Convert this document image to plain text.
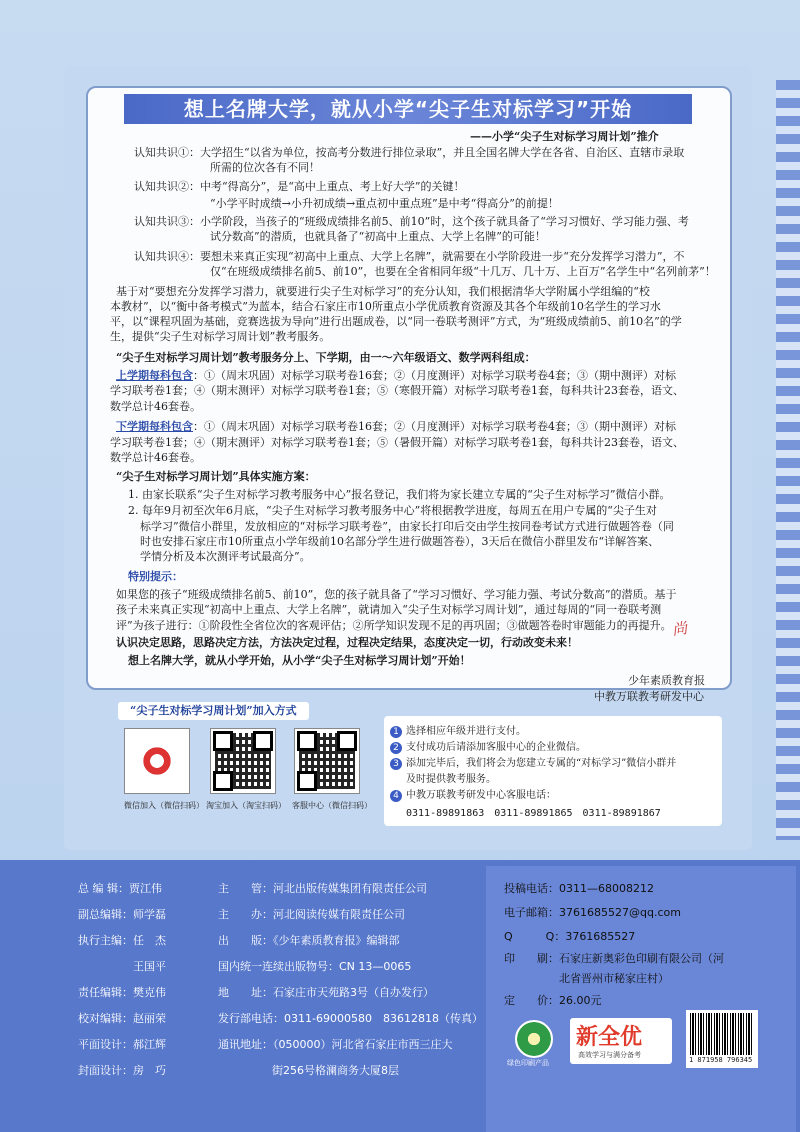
想上名牌大学，就从小学“尖子生对标学习”开始
——小学“尖子生对标学习周计划”推介
认知共识①：大学招生“以省为单位，按高考分数进行排位录取”，并且全国名牌大学在各省、自治区、直辖市录取
所需的位次各有不同！
认知共识②：中考“得高分”，是“高中上重点、考上好大学”的关键！
“小学平时成绩→小升初成绩→重点初中重点班”是中考“得高分”的前提！
认知共识③：小学阶段，当孩子的“班级成绩排名前5、前10”时，这个孩子就具备了“学习习惯好、学习能力强、考
试分数高”的潜质，也就具备了“初高中上重点、大学上名牌”的可能！
认知共识④：要想未来真正实现“初高中上重点、大学上名牌”，就需要在小学阶段进一步“充分发挥学习潜力”，不
仅“在班级成绩排名前5、前10”，也要在全省相同年级“十几万、几十万、上百万”名学生中“名列前茅”！
基于对“要想充分发挥学习潜力，就要进行尖子生对标学习”的充分认知，我们根据清华大学附属小学组编的“校
本教材”，以“衡中备考模式”为蓝本，结合石家庄市10所重点小学优质教育资源及其各个年级前10名学生的学习水
平，以“课程巩固为基础，竞赛选拔为导向”进行出题成卷，以“同一卷联考测评”方式，为“班级成绩前5、前10名”的学
生，提供“尖子生对标学习周计划”教考服务。
“尖子生对标学习周计划”教考服务分上、下学期，由一～六年级语文、数学两科组成：
上学期每科包含：①（周末巩固）对标学习联考卷16套；②（月度测评）对标学习联考卷4套；③（期中测评）对标
学习联考卷1套；④（期末测评）对标学习联考卷1套；⑤（寒假开篇）对标学习联考卷1套，每科共计23套卷，语文、
数学总计46套卷。
下学期每科包含：①（周末巩固）对标学习联考卷16套；②（月度测评）对标学习联考卷4套；③（期中测评）对标
学习联考卷1套；④（期末测评）对标学习联考卷1套；⑤（暑假开篇）对标学习联考卷1套，每科共计23套卷，语文、
数学总计46套卷。
“尖子生对标学习周计划”具体实施方案：
1. 由家长联系“尖子生对标学习教考服务中心”报名登记，我们将为家长建立专属的“尖子生对标学习”微信小群。
2. 每年9月初至次年6月底，“尖子生对标学习教考服务中心”将根据教学进度，每周五在用户专属的“尖子生对
标学习”微信小群里，发放相应的“对标学习联考卷”，由家长打印后交由学生按同卷考试方式进行做题答卷（同
时也安排石家庄市10所重点小学年级前10名部分学生进行做题答卷），3天后在微信小群里发布“详解答案、
学情分析及本次测评考试最高分”。
特别提示：
如果您的孩子“班级成绩排名前5、前10”，您的孩子就具备了“学习习惯好、学习能力强、考试分数高”的潜质。基于
孩子未来真正实现“初高中上重点、大学上名牌”，就请加入“尖子生对标学习周计划”，通过每周的“同一卷联考测
评”为孩子进行：①阶段性全省位次的客观评估；②所学知识发现不足的再巩固；③做题答卷时审题能力的再提升。
认识决定思路，思路决定方法，方法决定过程，过程决定结果，态度决定一切，行动改变未来！
想上名牌大学，就从小学开始，从小学“尖子生对标学习周计划”开始！
尚
少年素质教育报
中教万联教考研发中心
“尖子生对标学习周计划”加入方式
微信加入（微信扫码） 淘宝加入（淘宝扫码） 客服中心（微信扫码）
1 选择相应年级并进行支付。
2 支付成功后请添加客服中心的企业微信。
3 添加完毕后，我们将会为您建立专属的“对标学习”微信小群并
及时提供教考服务。
4 中教万联教考研发中心客服电话：
0311-89891863　0311-89891865　0311-89891867
总 编 辑：贾江伟
副总编辑：师学磊
执行主编：任　杰
　　　　　王国平
责任编辑：樊克伟
校对编辑：赵丽荣
平面设计：郝江辉
封面设计：房　巧
主　　管：河北出版传媒集团有限责任公司
主　　办：河北阅读传媒有限责任公司
出　　版：《少年素质教育报》编辑部
国内统一连续出版物号：CN 13—0065
地　　址：石家庄市天苑路3号（自办发行）
发行部电话：0311-69000580　83612818（传真）
通讯地址：（050000）河北省石家庄市西三庄大
街256号格澜商务大厦8层
投稿电话：0311—68008212
电子邮箱：3761685527@qq.com
Q　　　Q：3761685527
印　　刷：石家庄新奥彩色印刷有限公司（河
　　　　　北省晋州市秘家庄村）
定　　价：26.00元
绿色印刷产品
新全优
高效学习与满分备考
1 871958 796345
